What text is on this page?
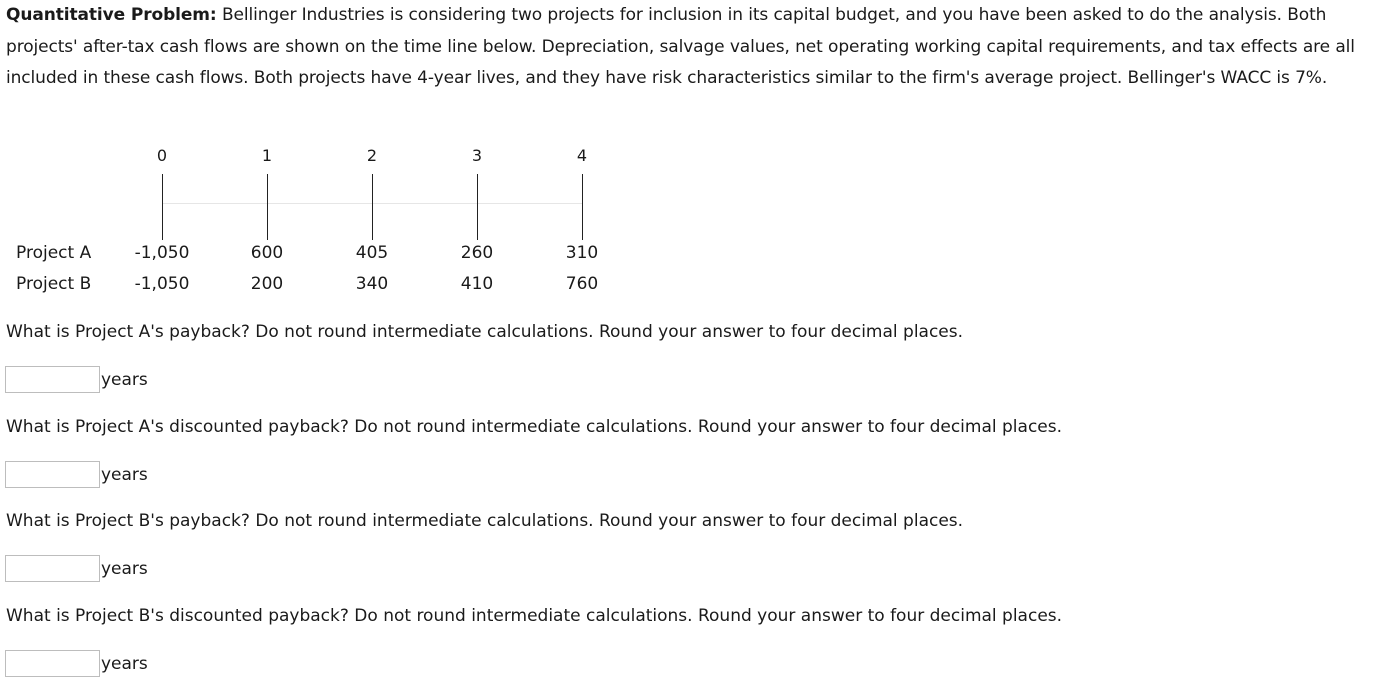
Quantitative Problem: Bellinger Industries is considering two projects for inclusion in its capital budget, and you have been asked to do the analysis. Both projects' after-tax cash flows are shown on the time line below. Depreciation, salvage values, net operating working capital requirements, and tax effects are all included in these cash flows. Both projects have 4-year lives, and they have risk characteristics similar to the firm's average project. Bellinger's WACC is 7%.
0	1	2	3	4
Project A	-1,050	600	405	260	310
Project B	-1,050	200	340	410	760
What is Project A's payback? Do not round intermediate calculations. Round your answer to four decimal places.
years
What is Project A's discounted payback? Do not round intermediate calculations. Round your answer to four decimal places.
years
What is Project B's payback? Do not round intermediate calculations. Round your answer to four decimal places.
years
What is Project B's discounted payback? Do not round intermediate calculations. Round your answer to four decimal places.
years
